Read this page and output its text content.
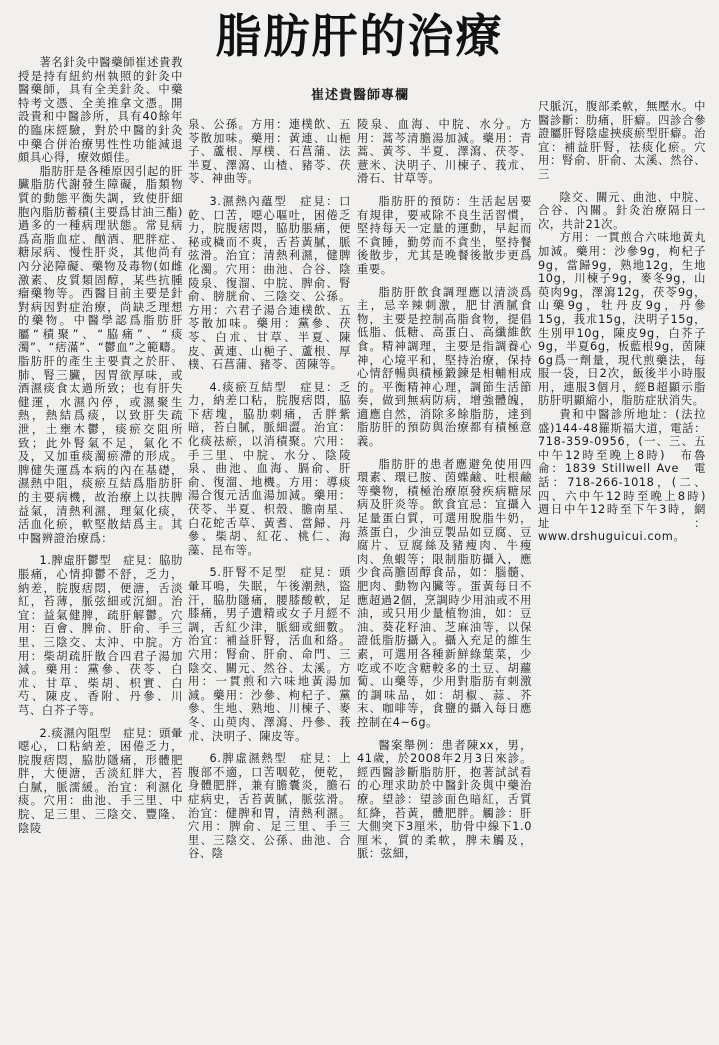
脂肪肝的治療
崔述貴醫師專欄

著名針灸中醫藥師崔述貴教授是持有紐約州執照的針灸中醫藥師，具有全美針灸、中藥特考文憑、全美推拿文憑。開設貴和中醫診所，具有40餘年的臨床經驗，對於中醫的針灸中藥合併治療男性性功能減退頗具心得，療效頗佳。

脂肪肝是各種原因引起的肝臟脂肪代謝發生障礙，脂類物質的動態平衡失調，致使肝細胞內脂肪蓄積(主要爲甘油三酯)過多的一種病理狀態。常見病爲高脂血症、酗酒、肥胖症、糖尿病、慢性肝炎，其他尚有內分泌障礙、藥物及毒物(如雌激素、皮質類固醇，某些抗腫瘤藥物等。西醫目前主要是針對病因對症治療，尚缺乏理想的藥物。中醫學認爲脂肪肝屬“積聚”、“脇痛”、“痰濁”、“痞滿”、“鬱血”之範疇。脂肪肝的產生主要責之於肝、肺、腎三臟，因胃欲厚味，或酒濕痰食太過所致；也有肝失健運，水濕內停，或濕聚生熱，熱結爲痰，以致肝失疏泄，土壅木鬱，痰瘀交阻所致；此外腎氣不足，氣化不及，又加重痰濁瘀滯的形成。脾健失運爲本病的內在基礎，濕熱中阻，痰瘀互結爲脂肪肝的主要病機，故治療上以扶脾益氣，清熱利濕，理氣化痰，活血化瘀，軟堅散結爲主。其中醫辨證治療爲：

1.脾虛肝鬱型　症見：脇肋脹痛，心情抑鬱不舒，乏力，納差，脘腹痞悶，便溏，舌淡紅，苔薄，脈弦細或沉細。治宜：益氣健脾，疏肝解鬱。穴用：百會、脾俞、肝俞、手三里、三陰交、太沖、中脘。方用：柴胡疏肝散合四君子湯加減。藥用：黨參、茯苓、白朮、甘草、柴胡、枳實、白芍、陳皮、香附、丹參、川芎、白芥子等。

2.痰濕內阻型　症見：頭暈噁心，口粘納差，困倦乏力，脘腹痞悶，脇肋隱痛，形體肥胖，大便溏，舌淡紅胖大，苔白膩，脈濡緩。治宜：利濕化痰。穴用：曲池、手三里、中脘、足三里、三陰交、豐隆、陰陵

泉、公孫。方用：連樸飲、五苓散加味。藥用：黃連、山梔子、蘆根、厚樸、石菖蒲、法半夏、澤瀉、山楂、豬苓、茯苓、神曲等。

3.濕熱內蘊型　症見：口乾、口苦，噁心嘔吐，困倦乏力，脘腹痞悶，脇肋脹痛，便秘或穢而不爽，舌苔黃膩，脈弦滑。治宜：清熱利濕，健脾化濁。穴用：曲池、合谷、陰陵泉、復溜、中脘、脾俞、腎俞、膀胱俞、三陰交、公孫。方用：六君子湯合連樸飲、五苓散加味。藥用：黨參、茯苓、白朮、甘草、半夏、陳皮、黃連、山梔子、蘆根、厚樸、石菖蒲、豬苓、茵陳等。

4.痰瘀互結型　症見：乏力，納差口粘，脘腹痞悶，脇下痞塊，脇肋刺痛，舌胖紫暗，苔白膩，脈細澀。治宜：化痰祛瘀，以消積聚。穴用：手三里、中脘、水分、陰陵泉、曲池、血海、膈俞、肝俞、復溜、地機。方用：導痰湯合復元活血湯加減。藥用：茯苓、半夏、枳殼、膽南星、白花蛇舌草、黃耆、當歸、丹參、柴胡、紅花、桃仁、海藻、昆布等。

5.肝腎不足型　症見：頭暈耳鳴，失眠，午後潮熱，盜汗，脇肋隱痛，腰膝酸軟，足膝痛，男子遺精或女子月經不調，舌紅少津，脈細或細數。治宜：補益肝腎，活血和絡。穴用：腎俞、肝俞、命門、三陰交、關元、然谷、太溪。方用：一貫煎和六味地黃湯加減。藥用：沙參、枸杞子、黨參、生地、熟地、川楝子、麥冬、山萸肉、澤瀉、丹參、莪朮、決明子、陳皮等。

6.脾虛濕熱型　症見：上腹部不適，口苦咽乾，便乾，身體肥胖，兼有膽囊炎，膽石症病史，舌苔黃膩，脈弦滑。治宜：健脾和胃，清熱利濕。穴用：脾俞、足三里、手三里、三陰交、公孫、曲池、合谷、陰

陵泉、血海、中脘、水分。方用：蒿芩清膽湯加減。藥用：青蒿、黃芩、半夏、澤瀉、茯苓、薏米、決明子、川楝子、莪朮、滑石、甘草等。

脂肪肝的預防：生活起居要有規律，要戒除不良生活習慣，堅持每天一定量的運動，早起而不貪睡，勤勞而不貪坐，堅持餐後散步，尤其是晚餐後散步更爲重要。

脂肪肝飲食調理應以清淡爲主，忌辛辣刺激，肥甘酒膩食物，主要是控制高脂食物，提倡低脂、低糖、高蛋白、高纖維飲食。精神調理，主要是指調養心神，心境平和，堅持治療，保持心情舒暢與積極鍛鍊是相輔相成的。平衡精神心理，調節生活節奏，做到無病防病，增強體魄，適應自然，消除多餘脂肪，達到脂肪肝的預防與治療都有積極意義。

脂肪肝的患者應避免使用四環素、環已胺、茵蝶鹼、吐根鹼等藥物，積極治療原發疾病糖尿病及肝炎等。飲食宜忌：宜攝入足量蛋白質，可選用脫脂牛奶，蒸蛋白，少油豆製品如豆腐、豆腐片、豆腐絲及豬瘦肉、牛瘦肉、魚蝦等；限制脂肪攝入，應少食高膽固醇食品，如：腦髓、肥肉、動物內臟等。蛋黃每日不應超過2個，烹調時少用油或不用油，或只用少量植物油，如：豆油、葵花籽油、芝麻油等，以保證低脂肪攝入。攝入充足的維生素，可選用各種新鮮綠葉菜，少吃或不吃含糖較多的土豆、胡蘿蔔、山藥等，少用對脂肪有刺激的調味品，如：胡椒、蒜、芥末、咖啡等，食鹽的攝入每日應控制在4~6g。

醫案舉例：患者陳xx，男，41歲，於2008年2月3日來診。經西醫診斷脂肪肝，抱著試試看的心理求助於中醫針灸與中藥治療。望診：望診面色暗紅，舌質紅絳，苔黃，體肥胖。觸診：肝大側突下3厘米，肋骨中線下1.0厘米，質的柔軟，脾未觸及，脈：弦細，

尺脈沉，腹部柔軟，無壓水。中醫診斷：肋痛，肝癖。四診合參證屬肝腎陰虛挾痰瘀型肝癖。治宜：補益肝腎，祛痰化瘀。穴用：腎俞、肝俞、太溪、然谷、三

陰交、關元、曲池、中脘、合谷、內關。針灸治療隔日一次，共計21次。

方用：一貫煎合六味地黃丸加減。藥用：沙參9g，枸杞子9g，當歸9g，熟地12g，生地10g，川楝子9g，麥冬9g，山萸肉9g，澤瀉12g，茯苓9g，山藥9g，牡丹皮9g，丹參15g，莪朮15g，決明子15g，生別甲10g，陳皮9g，白芥子9g，半夏6g，板藍根9g，茵陳6g爲一劑量，現代煎藥法，每服一袋，日2次，飯後半小時服用，連服3個月，經B超顯示脂肪肝明顯縮小，脂肪症狀消失。

貴和中醫診所地址：(法拉盛)144-48羅斯福大道，電話：718-359-0956，(一、三、五中午12時至晚上8時)　布魯侖：1839 Stillwell Ave　電話：718-266-1018，(二、四、六中午12時至晚上8時)　週日中午12時至下午3時，網址：www.drshuguicui.com。
